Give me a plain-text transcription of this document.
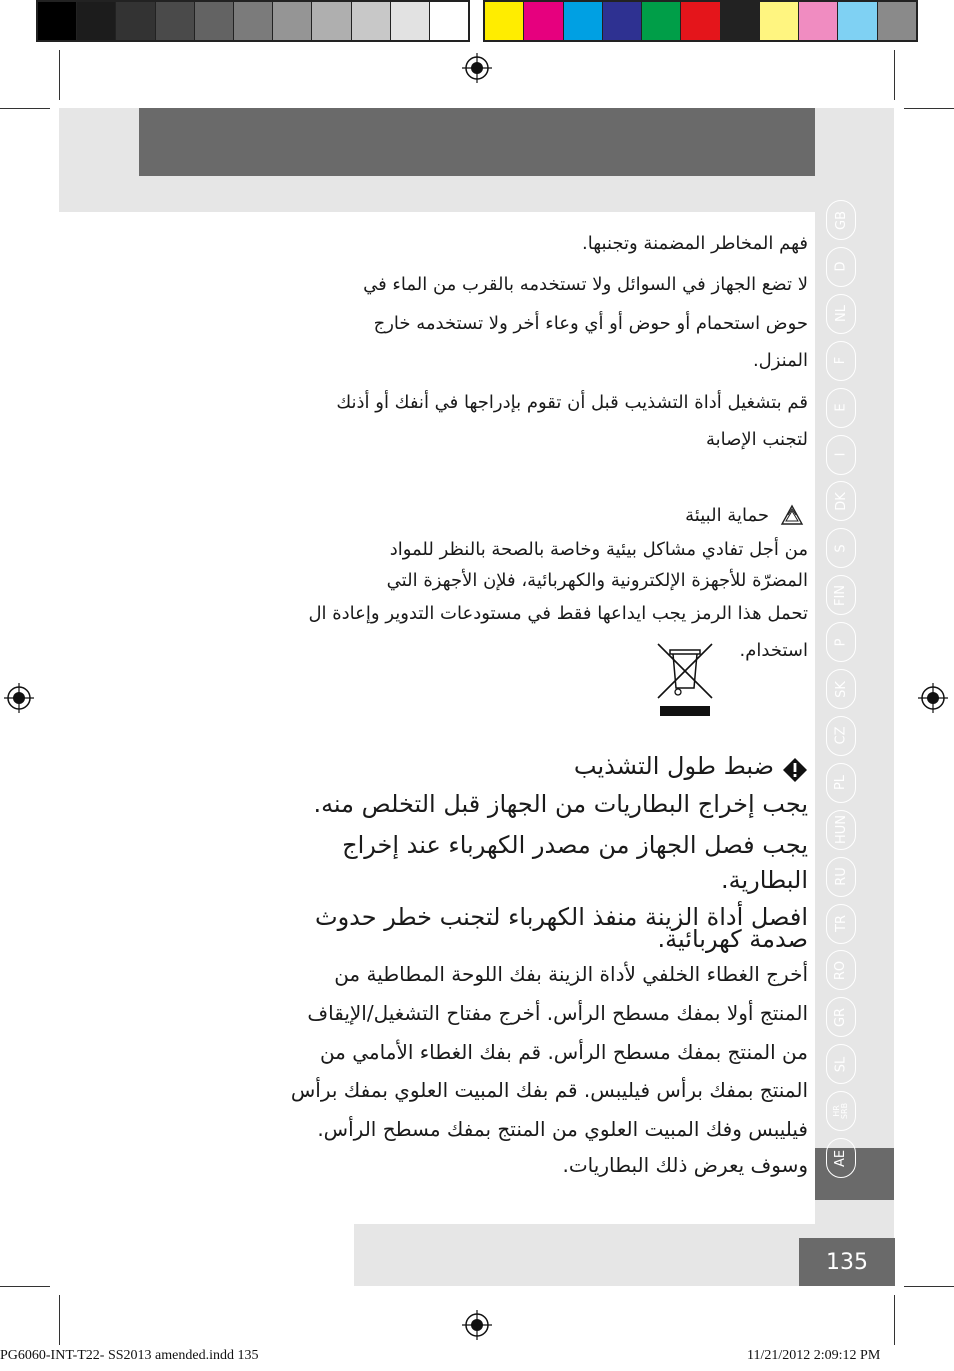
135
GB
D
NL
F
E
I
DK
S
FIN
P
SK
CZ
PL
HUN
RU
TR
RO
GR
SL
HR
SRB
AE
فهم المخاطر المضمنة وتجنبها.
لا تضع الجهاز في السوائل ولا تستخدمه بالقرب من الماء في
حوض استحمام أو حوض أو أي وعاء أخر ولا تستخدمه خارج
المنزل.
قم بتشغيل أداة التشذيب قبل أن تقوم بإدراجها في أنفك أو أذنك
لتجنب الإصابة
حماية البيئة
من أجل تفادي مشاكل بيئية وخاصة بالصحة بالنظر للمواد
المضرّة للأجهزة الإلكترونية والكهربائية، فلإن الأجهزة التي
تحمل هذا الرمز يجب ايداعها فقط في مستودعات التدوير وإعادة ال
استخدام.
ضبط طول التشذيب
يجب إخراج البطاريات من الجهاز قبل التخلص منه.
يجب فصل الجهاز من مصدر الكهرباء عند إخراج
البطارية.
افصل أداة الزينة منفذ الكهرباء لتجنب خطر حدوث
صدمة كهربائية.
أخرج الغطاء الخلفي لأداة الزينة بفك اللوحة المطاطية من
المنتج أولا بمفك مسطح الرأس. أخرج مفتاح التشغيل/الإيقاف
من المنتج بمفك مسطح الرأس. قم بفك الغطاء الأمامي من
المنتج بمفك برأس فيليبس. قم بفك المبيت العلوي بمفك برأس
فيليبس وفك المبيت العلوي من المنتج بمفك مسطح الرأس.
وسوف يعرض ذلك البطاريات.
PG6060-INT-T22- SS2013 amended.indd 135	11/21/2012 2:09:12 PM
